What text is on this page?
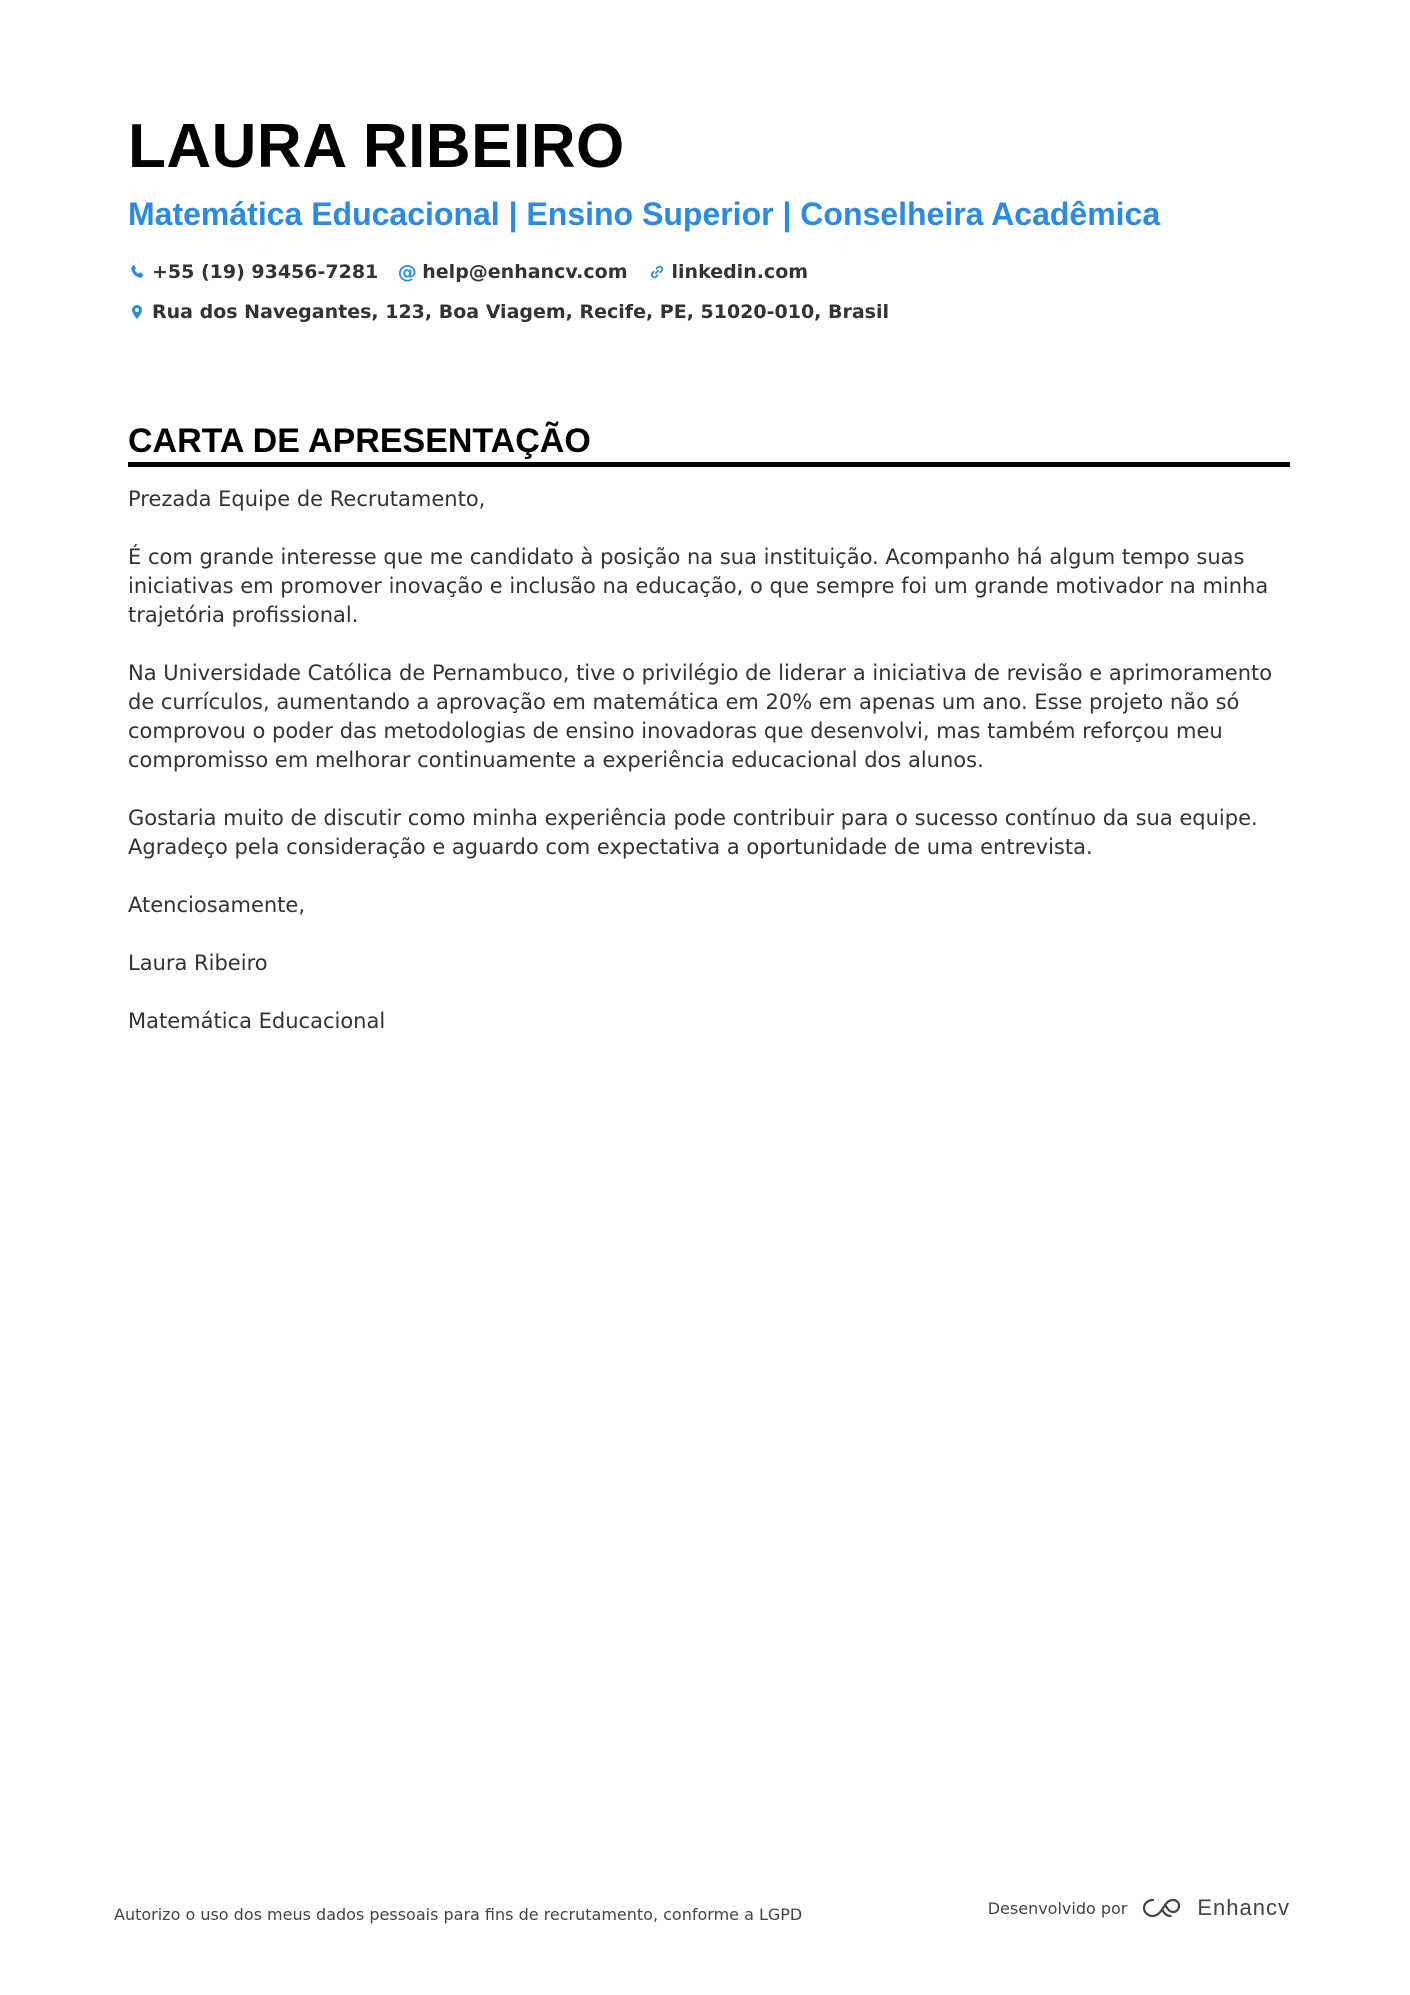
LAURA RIBEIRO
Matemática Educacional | Ensino Superior | Conselheira Acadêmica
+55 (19) 93456-7281 @ help@enhancv.com linkedin.com
Rua dos Navegantes, 123, Boa Viagem, Recife, PE, 51020-010, Brasil
CARTA DE APRESENTAÇÃO

Prezada Equipe de Recrutamento,

É com grande interesse que me candidato à posição na sua instituição. Acompanho há algum tempo suas iniciativas em promover inovação e inclusão na educação, o que sempre foi um grande motivador na minha trajetória profissional.

Na Universidade Católica de Pernambuco, tive o privilégio de liderar a iniciativa de revisão e aprimoramento de currículos, aumentando a aprovação em matemática em 20% em apenas um ano. Esse projeto não só comprovou o poder das metodologias de ensino inovadoras que desenvolvi, mas também reforçou meu compromisso em melhorar continuamente a experiência educacional dos alunos.

Gostaria muito de discutir como minha experiência pode contribuir para o sucesso contínuo da sua equipe. Agradeço pela consideração e aguardo com expectativa a oportunidade de uma entrevista.

Atenciosamente,

Laura Ribeiro

Matemática Educacional

Autorizo o uso dos meus dados pessoais para fins de recrutamento, conforme a LGPD	Desenvolvido por	Enhancv
